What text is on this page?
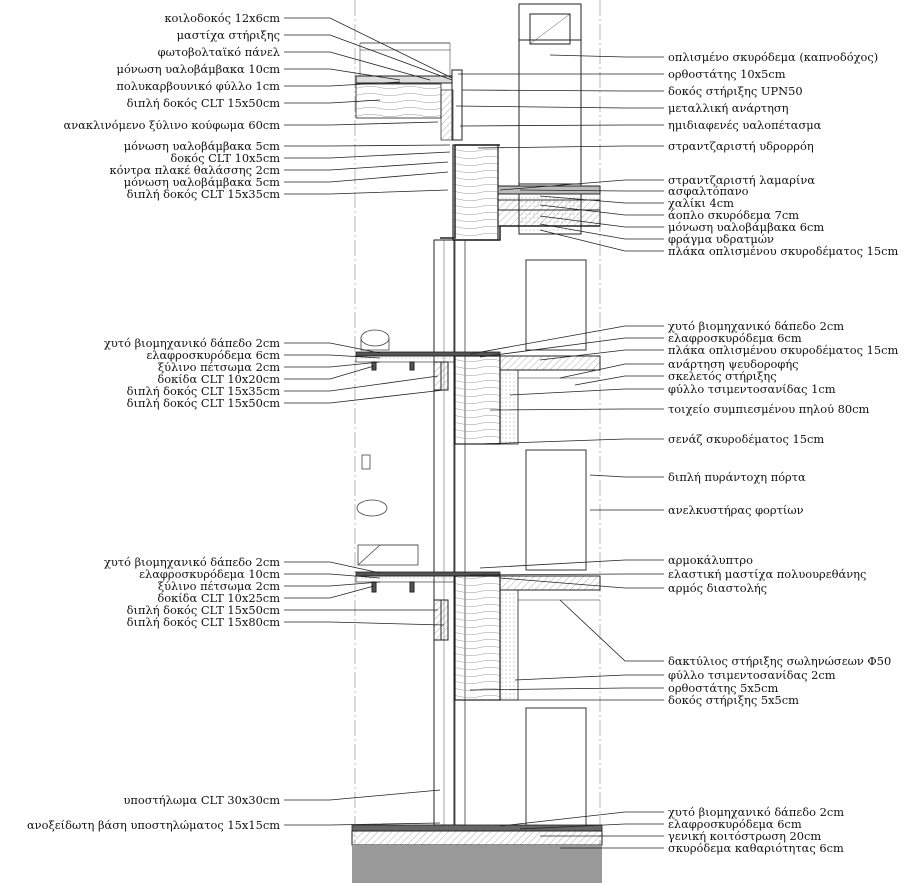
κοιλοδοκός 12x6cm
μαστίχα στήριξης
φωτοβολταϊκό πάνελ
μόνωση υαλοβάμβακα 10cm
πολυκαρβουνικό φύλλο 1cm
διπλή δοκός CLT 15x50cm
ανακλινόμενο ξύλινο κούφωμα 60cm
μόνωση υαλοβάμβακα 5cm
δοκός CLT 10x5cm
κόντρα πλακέ θαλάσσης 2cm
μόνωση υαλοβάμβακα 5cm
διπλή δοκός CLT 15x35cm
χυτό βιομηχανικό δάπεδο 2cm
ελαφροσκυρόδεμα 6cm
ξύλινο πέτσωμα 2cm
δοκίδα CLT 10x20cm
διπλή δοκός CLT 15x35cm
διπλή δοκός CLT 15x50cm
χυτό βιομηχανικό δάπεδο 2cm
ελαφροσκυρόδεμα 10cm
ξύλινο πέτσωμα 2cm
δοκίδα CLT 10x25cm
διπλή δοκός CLT 15x50cm
διπλή δοκός CLT 15x80cm
υποστήλωμα CLT 30x30cm
ανοξείδωτη βάση υποστηλώματος 15x15cm
οπλισμένο σκυρόδεμα (καπνοδόχος)
ορθοστάτης 10x5cm
δοκός στήριξης UPN50
μεταλλική ανάρτηση
ημιδιαφενές υαλοπέτασμα
στραντζαριστή υδρορρόη
στραντζαριστή λαμαρίνα
ασφαλτόπανο
χαλίκι 4cm
άοπλο σκυρόδεμα 7cm
μόνωση υαλοβάμβακα 6cm
φράγμα υδρατμών
πλάκα οπλισμένου σκυροδέματος 15cm
χυτό βιομηχανικό δάπεδο 2cm
ελαφροσκυρόδεμα 6cm
πλάκα οπλισμένου σκυροδέματος 15cm
ανάρτηση ψευδοροφής
σκελετός στήριξης
φύλλο τσιμεντοσανίδας 1cm
τοιχείο συμπιεσμένου πηλού 80cm
σενάζ σκυροδέματος 15cm
διπλή πυράντοχη πόρτα
ανελκυστήρας φορτίων
αρμοκάλυπτρο
ελαστική μαστίχα πολυουρεθάνης
αρμός διαστολής
δακτύλιος στήριξης σωληνώσεων Φ50
φύλλο τσιμεντοσανίδας 2cm
ορθοστάτης 5x5cm
δοκός στήριξης 5x5cm
χυτό βιομηχανικό δάπεδο 2cm
ελαφροσκυρόδεμα 6cm
γενική κοιτόστρωση 20cm
σκυρόδεμα καθαριότητας 6cm
